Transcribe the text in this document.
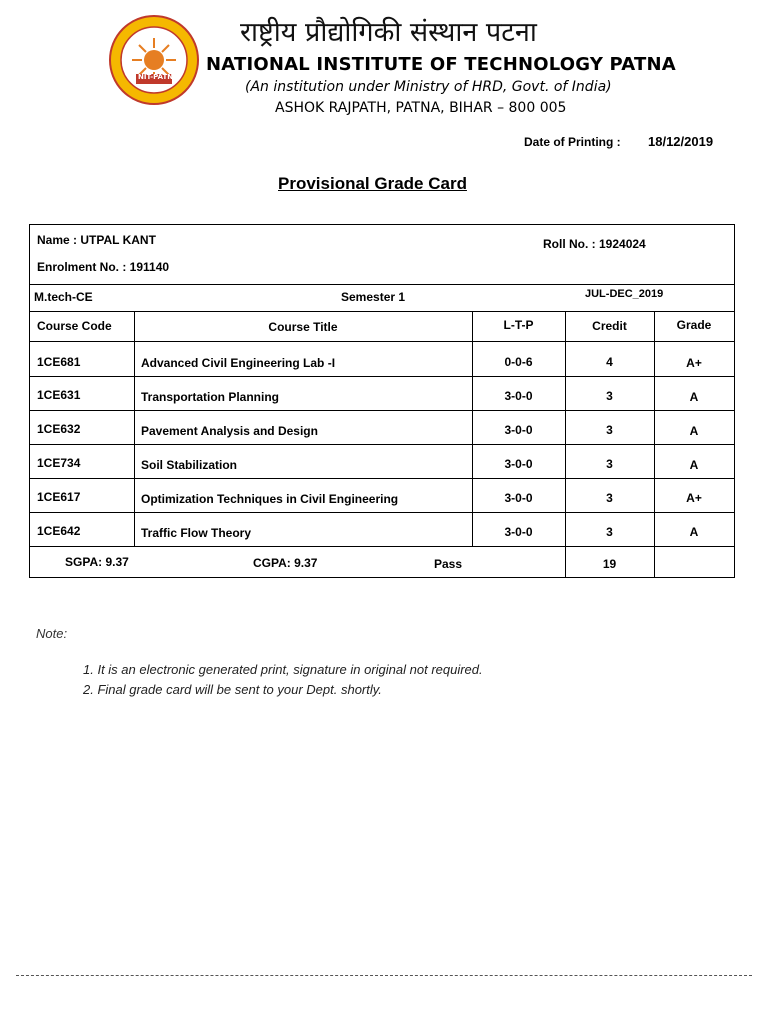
NIT-PATNA
राष्ट्रीय प्रौद्योगिकी संस्थान पटना
NATIONAL INSTITUTE OF TECHNOLOGY PATNA
(An institution under Ministry of HRD, Govt. of India)
ASHOK RAJPATH, PATNA, BIHAR – 800 005
Date of Printing : 18/12/2019
Provisional Grade Card
Name : UTPAL KANT	Roll No. : 1924024
Enrolment No. : 191140
M.tech-CE	Semester 1	JUL-DEC_2019
Course Code	Course Title	L-T-P	Credit	Grade
1CE681	Advanced Civil Engineering Lab -I	0-0-6	4	A+
1CE631	Transportation Planning	3-0-0	3	A
1CE632	Pavement Analysis and Design	3-0-0	3	A
1CE734	Soil Stabilization	3-0-0	3	A
1CE617	Optimization Techniques in Civil Engineering	3-0-0	3	A+
1CE642	Traffic Flow Theory	3-0-0	3	A
SGPA: 9.37	CGPA: 9.37	Pass	19
Note:
1. It is an electronic generated print, signature in original not required.
2. Final grade card will be sent to your Dept. shortly.
